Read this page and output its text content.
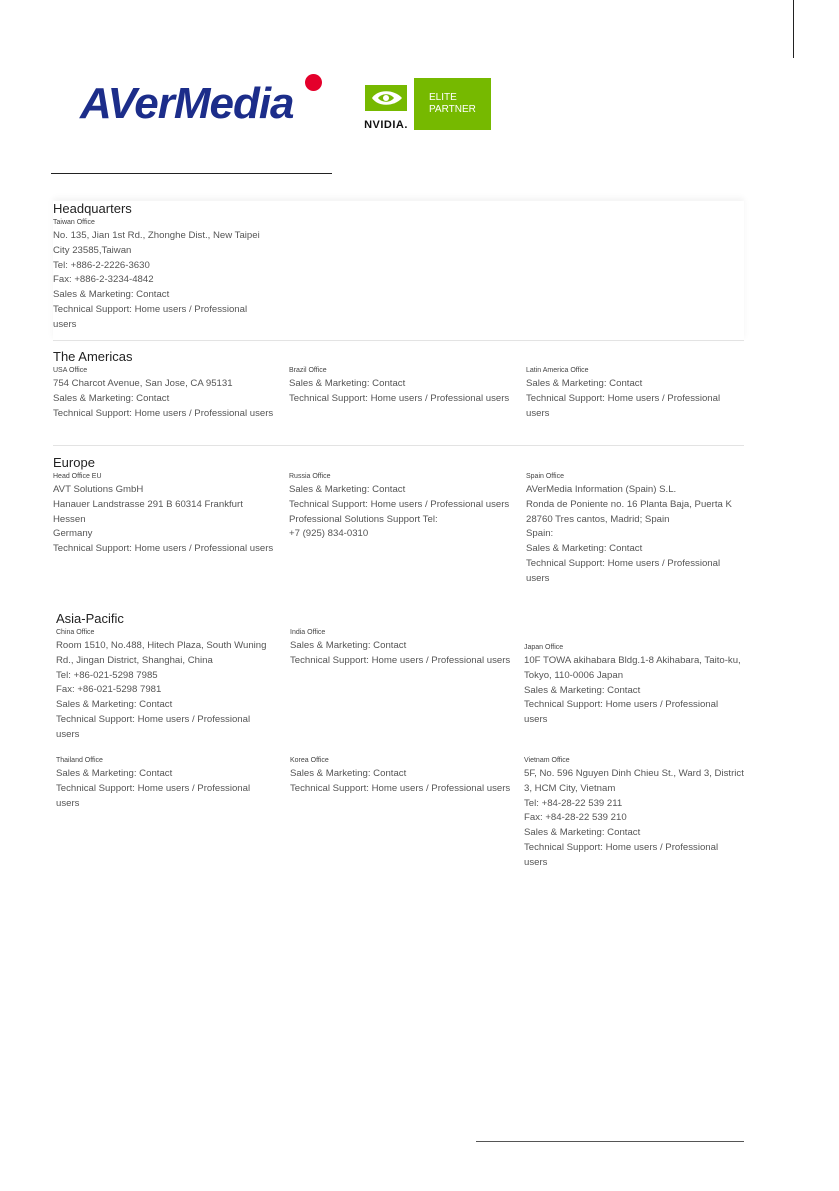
AVerMedia	NVIDIA.
ELITE
PARTNER
Headquarters
Taiwan Office
No. 135, Jian 1st Rd., Zhonghe Dist., New Taipei City 23585,Taiwan
Tel: +886-2-2226-3630
Fax: +886-2-3234-4842
Sales & Marketing: Contact
Technical Support: Home users / Professional users
The Americas
USA Office
754 Charcot Avenue, San Jose, CA 95131
Sales & Marketing: Contact
Technical Support: Home users / Professional users
Brazil Office
Sales & Marketing: Contact
Technical Support: Home users / Professional users
Latin America Office
Sales & Marketing: Contact
Technical Support: Home users / Professional users
Europe
Head Office EU
AVT Solutions GmbH
Hanauer Landstrasse 291 B 60314 Frankfurt Hessen
Germany
Technical Support: Home users / Professional users
Russia Office
Sales & Marketing: Contact
Technical Support: Home users / Professional users
Professional Solutions Support Tel:
+7 (925) 834-0310
Spain Office
AVerMedia Information (Spain) S.L.
Ronda de Poniente no. 16 Planta Baja, Puerta K 28760 Tres cantos, Madrid; Spain
Spain:
Sales & Marketing: Contact
Technical Support: Home users / Professional users
Asia-Pacific
China Office
Room 1510, No.488, Hitech Plaza, South Wuning Rd., Jingan District, Shanghai, China
Tel: +86-021-5298 7985
Fax: +86-021-5298 7981
Sales & Marketing: Contact
Technical Support: Home users / Professional users
India Office
Sales & Marketing: Contact
Technical Support: Home users / Professional users
Japan Office
10F TOWA akihabara Bldg.1-8 Akihabara, Taito-ku, Tokyo, 110-0006 Japan
Sales & Marketing: Contact
Technical Support: Home users / Professional users
Thailand Office
Sales & Marketing: Contact
Technical Support: Home users / Professional users
Korea Office
Sales & Marketing: Contact
Technical Support: Home users / Professional users
Vietnam Office
5F, No. 596 Nguyen Dinh Chieu St., Ward 3, District 3, HCM City, Vietnam
Tel: +84-28-22 539 211
Fax: +84-28-22 539 210
Sales & Marketing: Contact
Technical Support: Home users / Professional users
